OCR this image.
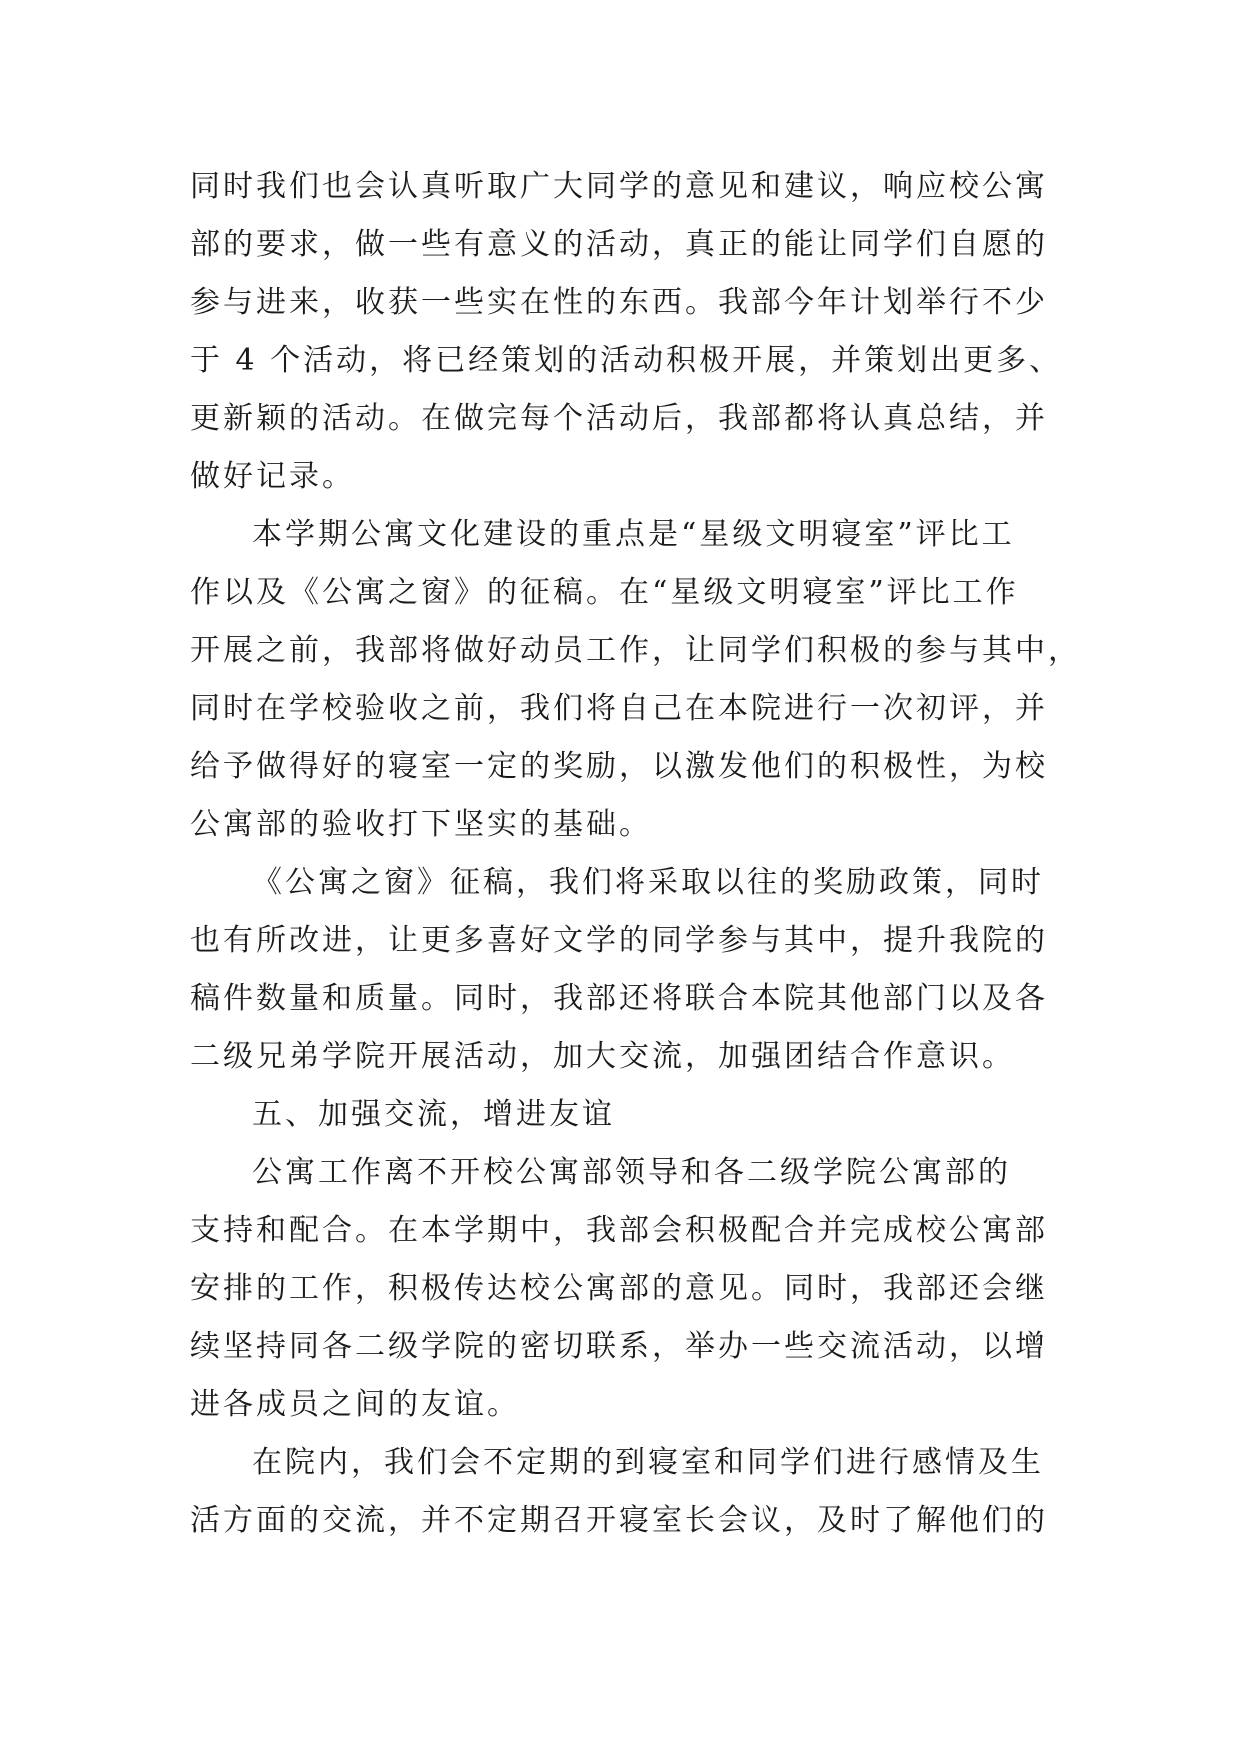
同时我们也会认真听取广大同学的意见和建议，响应校公寓
部的要求，做一些有意义的活动，真正的能让同学们自愿的
参与进来，收获一些实在性的东西。我部今年计划举行不少
于 4 个活动，将已经策划的活动积极开展，并策划出更多、
更新颖的活动。在做完每个活动后，我部都将认真总结，并
做好记录。
本学期公寓文化建设的重点是“星级文明寝室”评比工
作以及《公寓之窗》的征稿。在“星级文明寝室”评比工作
开展之前，我部将做好动员工作，让同学们积极的参与其中，
同时在学校验收之前，我们将自己在本院进行一次初评，并
给予做得好的寝室一定的奖励，以激发他们的积极性，为校
公寓部的验收打下坚实的基础。
《公寓之窗》征稿，我们将采取以往的奖励政策，同时
也有所改进，让更多喜好文学的同学参与其中，提升我院的
稿件数量和质量。同时，我部还将联合本院其他部门以及各
二级兄弟学院开展活动，加大交流，加强团结合作意识。
五、加强交流，增进友谊
公寓工作离不开校公寓部领导和各二级学院公寓部的
支持和配合。在本学期中，我部会积极配合并完成校公寓部
安排的工作，积极传达校公寓部的意见。同时，我部还会继
续坚持同各二级学院的密切联系，举办一些交流活动，以增
进各成员之间的友谊。
在院内，我们会不定期的到寝室和同学们进行感情及生
活方面的交流，并不定期召开寝室长会议，及时了解他们的
